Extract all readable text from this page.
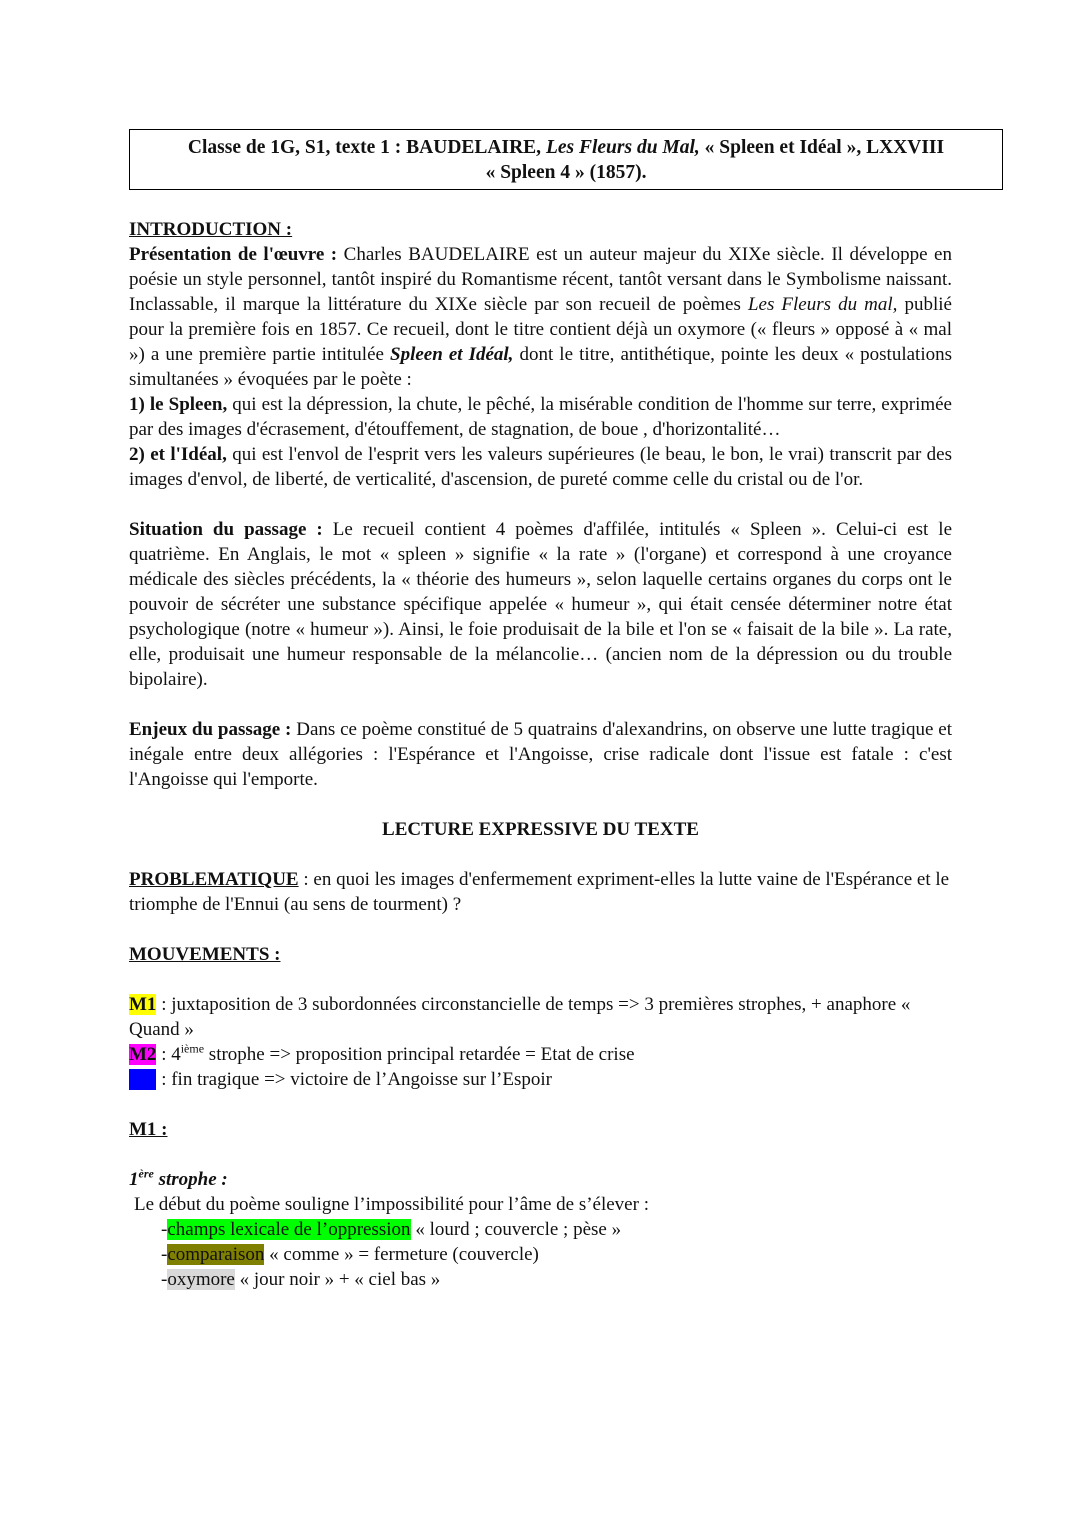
Classe de 1G, S1, texte 1 : BAUDELAIRE, Les Fleurs du Mal, « Spleen et Idéal », LXXVIII
« Spleen 4 » (1857).

INTRODUCTION :

Présentation de l'œuvre : Charles BAUDELAIRE est un auteur majeur du XIXe siècle. Il développe en poésie un style personnel, tantôt inspiré du Romantisme récent, tantôt versant dans le Symbolisme naissant. Inclassable, il marque la littérature du XIXe siècle par son recueil de poèmes Les Fleurs du mal, publié pour la première fois en 1857. Ce recueil, dont le titre contient déjà un oxymore (« fleurs » opposé à « mal ») a une première partie intitulée Spleen et Idéal, dont le titre, antithétique, pointe les deux « postulations simultanées » évoquées par le poète :

1) le Spleen, qui est la dépression, la chute, le pêché, la misérable condition de l'homme sur terre, exprimée par des images d'écrasement, d'étouffement, de stagnation, de boue , d'horizontalité…

2) et l'Idéal, qui est l'envol de l'esprit vers les valeurs supérieures (le beau, le bon, le vrai) transcrit par des images d'envol, de liberté, de verticalité, d'ascension, de pureté comme celle du cristal ou de l'or.

Situation du passage : Le recueil contient 4 poèmes d'affilée, intitulés « Spleen ». Celui-ci est le quatrième. En Anglais, le mot « spleen » signifie « la rate » (l'organe) et correspond à une croyance médicale des siècles précédents, la « théorie des humeurs », selon laquelle certains organes du corps ont le pouvoir de sécréter une substance spécifique appelée « humeur », qui était censée déterminer notre état psychologique (notre « humeur »). Ainsi, le foie produisait de la bile et l'on se « faisait de la bile ». La rate, elle, produisait une humeur responsable de la mélancolie… (ancien nom de la dépression ou du trouble bipolaire).

Enjeux du passage : Dans ce poème constitué de 5 quatrains d'alexandrins, on observe une lutte tragique et inégale entre deux allégories : l'Espérance et l'Angoisse, crise radicale dont l'issue est fatale : c'est l'Angoisse qui l'emporte.

LECTURE EXPRESSIVE DU TEXTE

PROBLEMATIQUE : en quoi les images d'enfermement expriment-elles la lutte vaine de l'Espérance et le triomphe de l'Ennui (au sens de tourment) ?

MOUVEMENTS :

M1 : juxtaposition de 3 subordonnées circonstancielle de temps => 3 premières strophes, + anaphore « Quand »

M2 : 4ième strophe => proposition principal retardée = Etat de crise

M3 : fin tragique => victoire de l’Angoisse sur l’Espoir

M1 :

1ère strophe :

Le début du poème souligne l’impossibilité pour l’âme de s’élever :

-champs lexicale de l’oppression « lourd ; couvercle ; pèse »

-comparaison « comme » = fermeture (couvercle)

-oxymore « jour noir » + « ciel bas »
